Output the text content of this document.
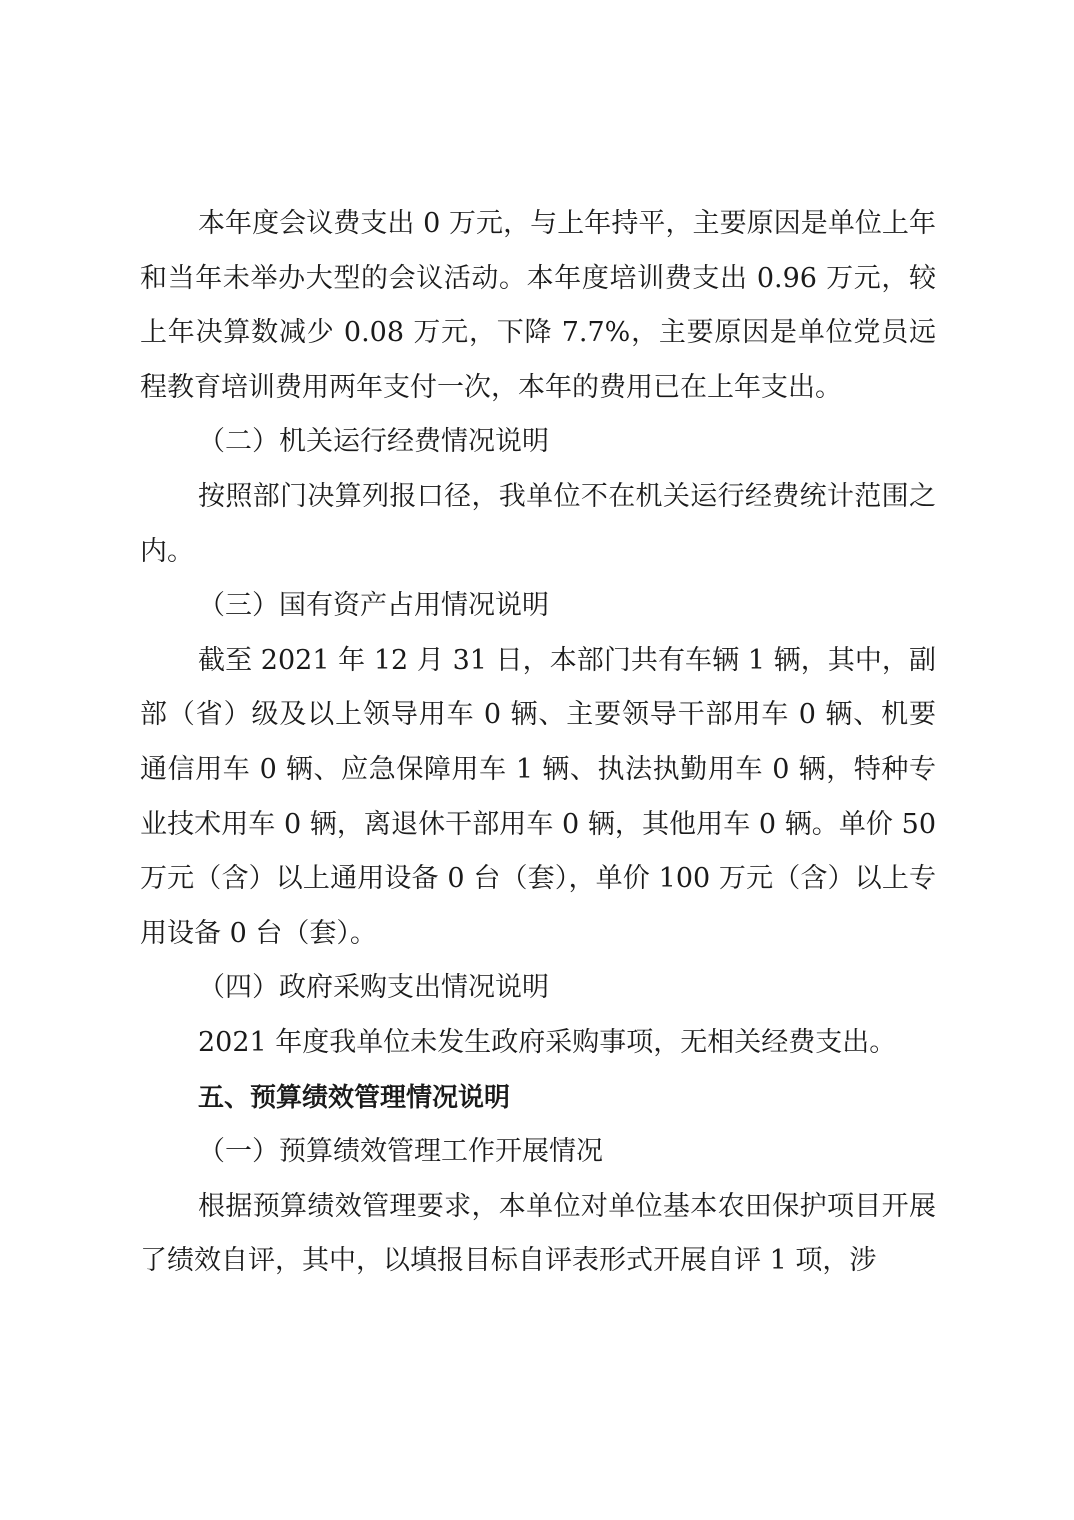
本年度会议费支出 0 万元，与上年持平，主要原因是单位上年和当年未举办大型的会议活动。本年度培训费支出 0.96 万元，较上年决算数减少 0.08 万元，下降 7.7%，主要原因是单位党员远程教育培训费用两年支付一次，本年的费用已在上年支出。

（二）机关运行经费情况说明

按照部门决算列报口径，我单位不在机关运行经费统计范围之内。

（三）国有资产占用情况说明

截至 2021 年 12 月 31 日，本部门共有车辆 1 辆，其中，副部（省）级及以上领导用车 0 辆、主要领导干部用车 0 辆、机要通信用车 0 辆、应急保障用车 1 辆、执法执勤用车 0 辆，特种专业技术用车 0 辆，离退休干部用车 0 辆，其他用车 0 辆。单价 50 万元（含）以上通用设备 0 台（套），单价 100 万元（含）以上专用设备 0 台（套）。

（四）政府采购支出情况说明

2021 年度我单位未发生政府采购事项，无相关经费支出。

五、预算绩效管理情况说明

（一）预算绩效管理工作开展情况

根据预算绩效管理要求，本单位对单位基本农田保护项目开展了绩效自评，其中，以填报目标自评表形式开展自评 1 项，涉
